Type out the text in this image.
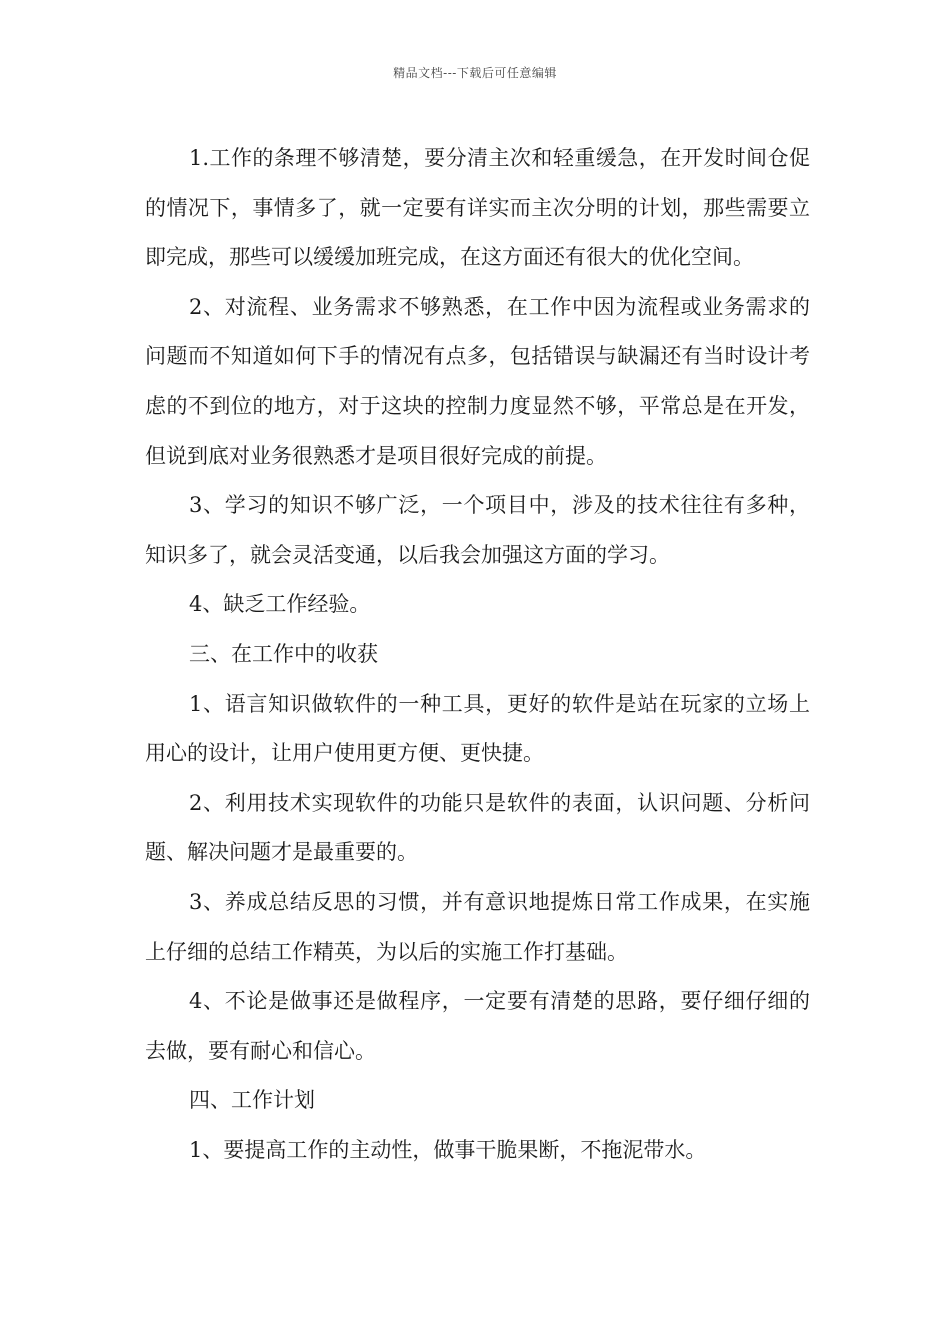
精品文档---下载后可任意编辑

1.工作的条理不够清楚，要分清主次和轻重缓急，在开发时间仓促的情况下，事情多了，就一定要有详实而主次分明的计划，那些需要立即完成，那些可以缓缓加班完成，在这方面还有很大的优化空间。

2、对流程、业务需求不够熟悉，在工作中因为流程或业务需求的问题而不知道如何下手的情况有点多，包括错误与缺漏还有当时设计考虑的不到位的地方，对于这块的控制力度显然不够，平常总是在开发，但说到底对业务很熟悉才是项目很好完成的前提。

3、学习的知识不够广泛，一个项目中，涉及的技术往往有多种，知识多了，就会灵活变通，以后我会加强这方面的学习。

4、缺乏工作经验。

三、在工作中的收获

1、语言知识做软件的一种工具，更好的软件是站在玩家的立场上用心的设计，让用户使用更方便、更快捷。

2、利用技术实现软件的功能只是软件的表面，认识问题、分析问题、解决问题才是最重要的。

3、养成总结反思的习惯，并有意识地提炼日常工作成果，在实施上仔细的总结工作精英，为以后的实施工作打基础。

4、不论是做事还是做程序，一定要有清楚的思路，要仔细仔细的去做，要有耐心和信心。

四、工作计划

1、要提高工作的主动性，做事干脆果断，不拖泥带水。
